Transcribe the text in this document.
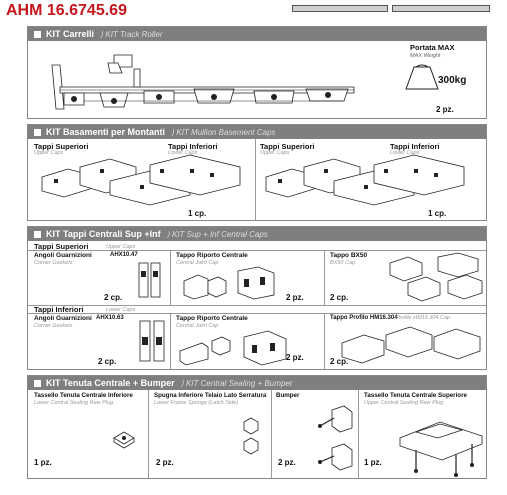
AHM 16.6745.69
KIT Carrelli ⟩ KIT Track Roller
Portata MAX
MAX Weight
300kg
2 pz.
KIT Basamenti per Montanti ⟩ KIT Mullion Basement Caps
Tappi Superiori
Upper Caps
Tappi Inferiori
Lower Caps
1 cp.
Tappi Superiori
Upper Caps
Tappi Inferiori
Lower Caps
1 cp.
KIT Tappi Centrali Sup +Inf ⟩ KIT Sup + Inf Central Caps
Tappi Superiori	Upper Caps
Angoli Guarnizioni
Corner Gaskets
AHX10.47
2 cp.
Tappo Riporto Centrale
Central Joint Cap
2 pz.
Tappo BX50
BX50 Cap
2 cp.
Tappi Inferiori	Lower Caps
Angoli Guarnizioni
Corner Gaskets
AHX10.63
2 cp.
Tappo Riporto Centrale
Central Joint Cap
2 pz.
Tappo Profilo HM16.304
Profile HM16.304 Cap
2 cp.
KIT Tenuta Centrale + Bumper ⟩ KIT Central Sealing + Bumper
Tassello Tenuta Centrale Inferiore
Lower Central Sealing Raw Plug
1 pz.
Spugna Inferiore Telaio Lato Serratura
Lower Frame Sponge (Latch Side)
2 pz.
Bumper
2 pz.
Tassello Tenuta Centrale Superiore
Upper Central Sealing Raw Plug
1 pz.
